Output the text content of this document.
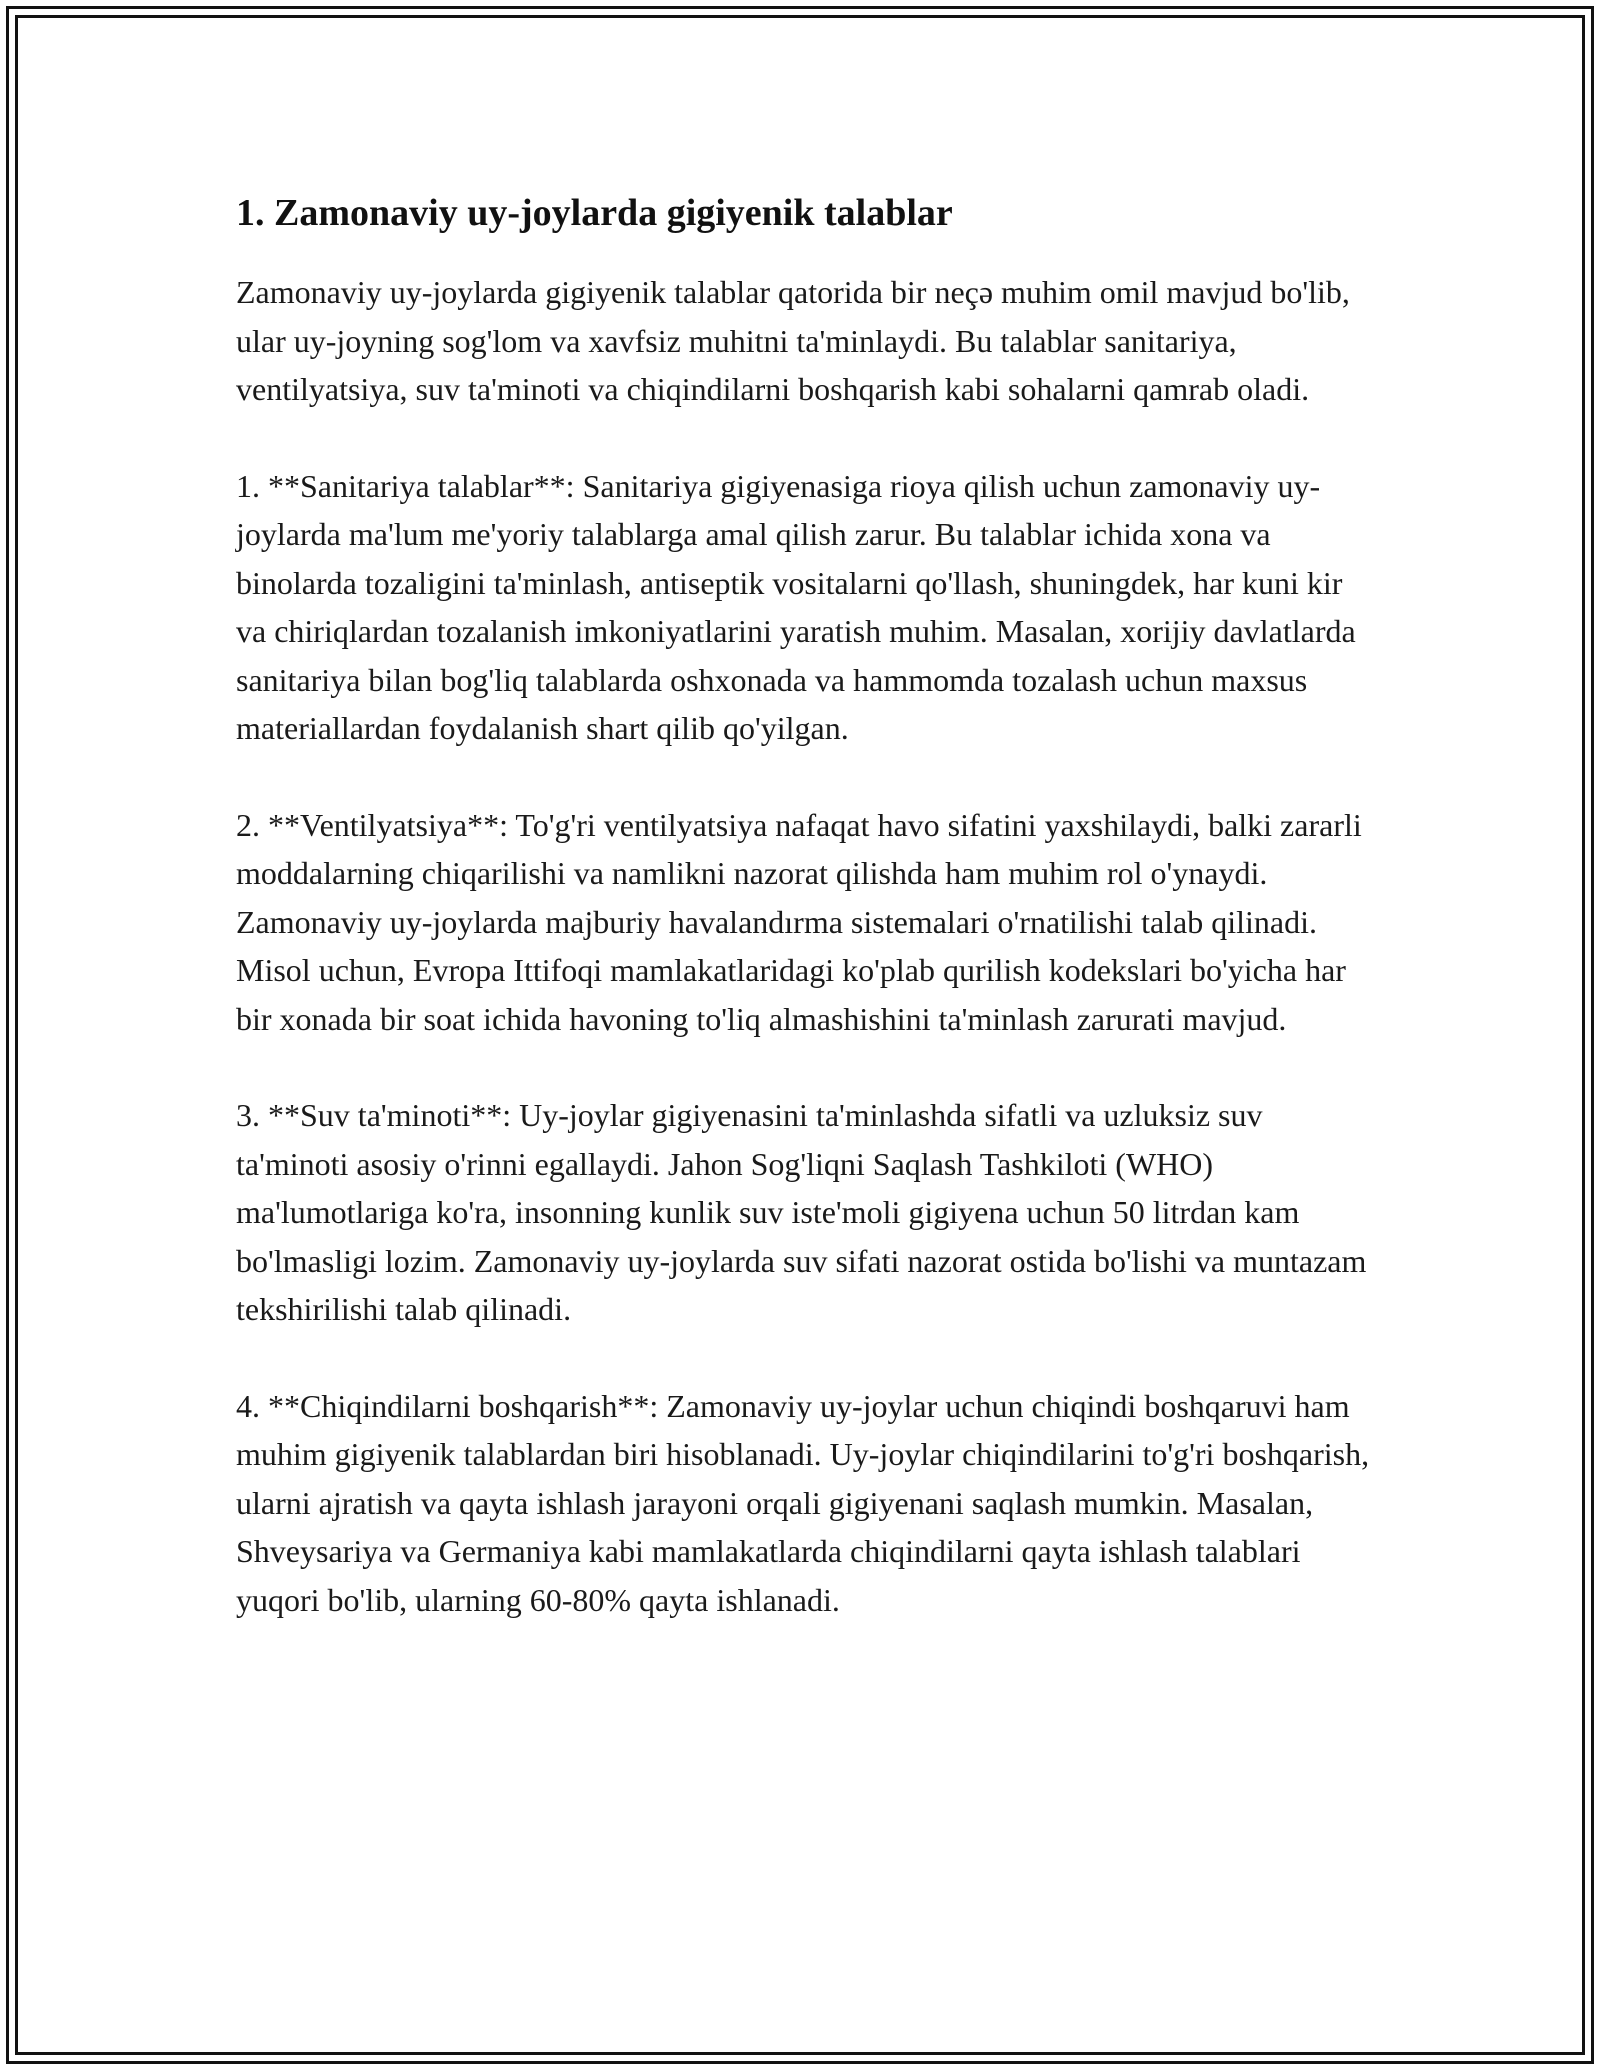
1. Zamonaviy uy-joylarda gigiyenik talablar

Zamonaviy uy-joylarda gigiyenik talablar qatorida bir neçə muhim omil mavjud bo'lib, ular uy-joyning sog'lom va xavfsiz muhitni ta'minlaydi. Bu talablar sanitariya, ventilyatsiya, suv ta'minoti va chiqindilarni boshqarish kabi sohalarni qamrab oladi.

1. **Sanitariya talablar**: Sanitariya gigiyenasiga rioya qilish uchun zamonaviy uy-joylarda ma'lum me'yoriy talablarga amal qilish zarur. Bu talablar ichida xona va binolarda tozaligini ta'minlash, antiseptik vositalarni qo'llash, shuningdek, har kuni kir va chiriqlardan tozalanish imkoniyatlarini yaratish muhim. Masalan, xorijiy davlatlarda sanitariya bilan bog'liq talablarda oshxonada va hammomda tozalash uchun maxsus materiallardan foydalanish shart qilib qo'yilgan.

2. **Ventilyatsiya**: To'g'ri ventilyatsiya nafaqat havo sifatini yaxshilaydi, balki zararli moddalarning chiqarilishi va namlikni nazorat qilishda ham muhim rol o'ynaydi. Zamonaviy uy-joylarda majburiy havalandırma sistemalari o'rnatilishi talab qilinadi. Misol uchun, Evropa Ittifoqi mamlakatlaridagi ko'plab qurilish kodekslari bo'yicha har bir xonada bir soat ichida havoning to'liq almashishini ta'minlash zarurati mavjud.

3. **Suv ta'minoti**: Uy-joylar gigiyenasini ta'minlashda sifatli va uzluksiz suv ta'minoti asosiy o'rinni egallaydi. Jahon Sog'liqni Saqlash Tashkiloti (WHO) ma'lumotlariga ko'ra, insonning kunlik suv iste'moli gigiyena uchun 50 litrdan kam bo'lmasligi lozim. Zamonaviy uy-joylarda suv sifati nazorat ostida bo'lishi va muntazam tekshirilishi talab qilinadi.

4. **Chiqindilarni boshqarish**: Zamonaviy uy-joylar uchun chiqindi boshqaruvi ham muhim gigiyenik talablardan biri hisoblanadi. Uy-joylar chiqindilarini to'g'ri boshqarish, ularni ajratish va qayta ishlash jarayoni orqali gigiyenani saqlash mumkin. Masalan, Shveysariya va Germaniya kabi mamlakatlarda chiqindilarni qayta ishlash talablari yuqori bo'lib, ularning 60-80% qayta ishlanadi.
